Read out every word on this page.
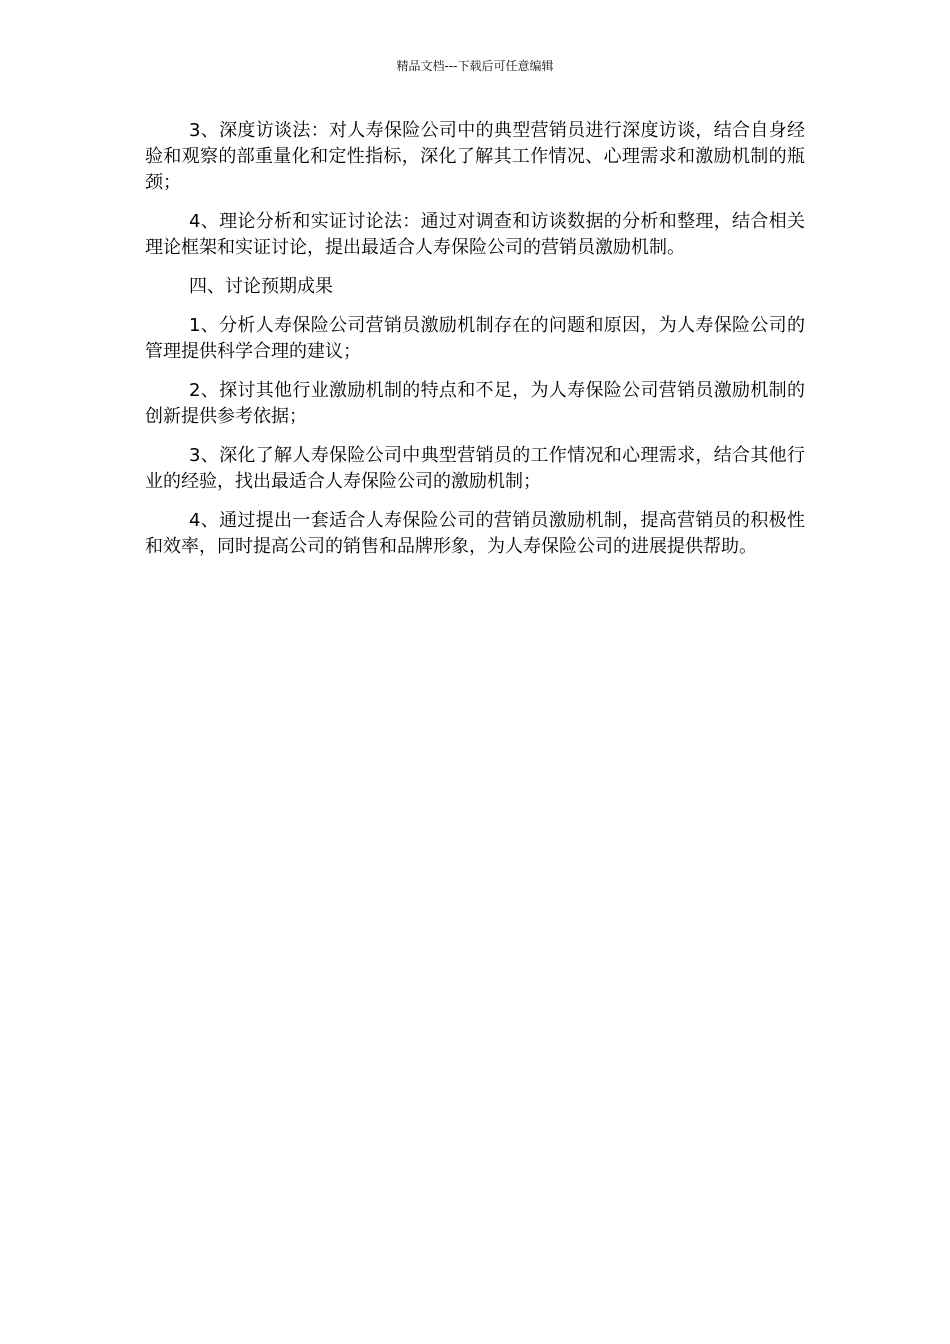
精品文档---下载后可任意编辑

3、深度访谈法：对人寿保险公司中的典型营销员进行深度访谈，结合自身经验和观察的部重量化和定性指标，深化了解其工作情况、心理需求和激励机制的瓶颈；

4、理论分析和实证讨论法：通过对调查和访谈数据的分析和整理，结合相关理论框架和实证讨论，提出最适合人寿保险公司的营销员激励机制。

四、讨论预期成果

1、分析人寿保险公司营销员激励机制存在的问题和原因，为人寿保险公司的管理提供科学合理的建议；

2、探讨其他行业激励机制的特点和不足，为人寿保险公司营销员激励机制的创新提供参考依据；

3、深化了解人寿保险公司中典型营销员的工作情况和心理需求，结合其他行业的经验，找出最适合人寿保险公司的激励机制；

4、通过提出一套适合人寿保险公司的营销员激励机制，提高营销员的积极性和效率，同时提高公司的销售和品牌形象，为人寿保险公司的进展提供帮助。
